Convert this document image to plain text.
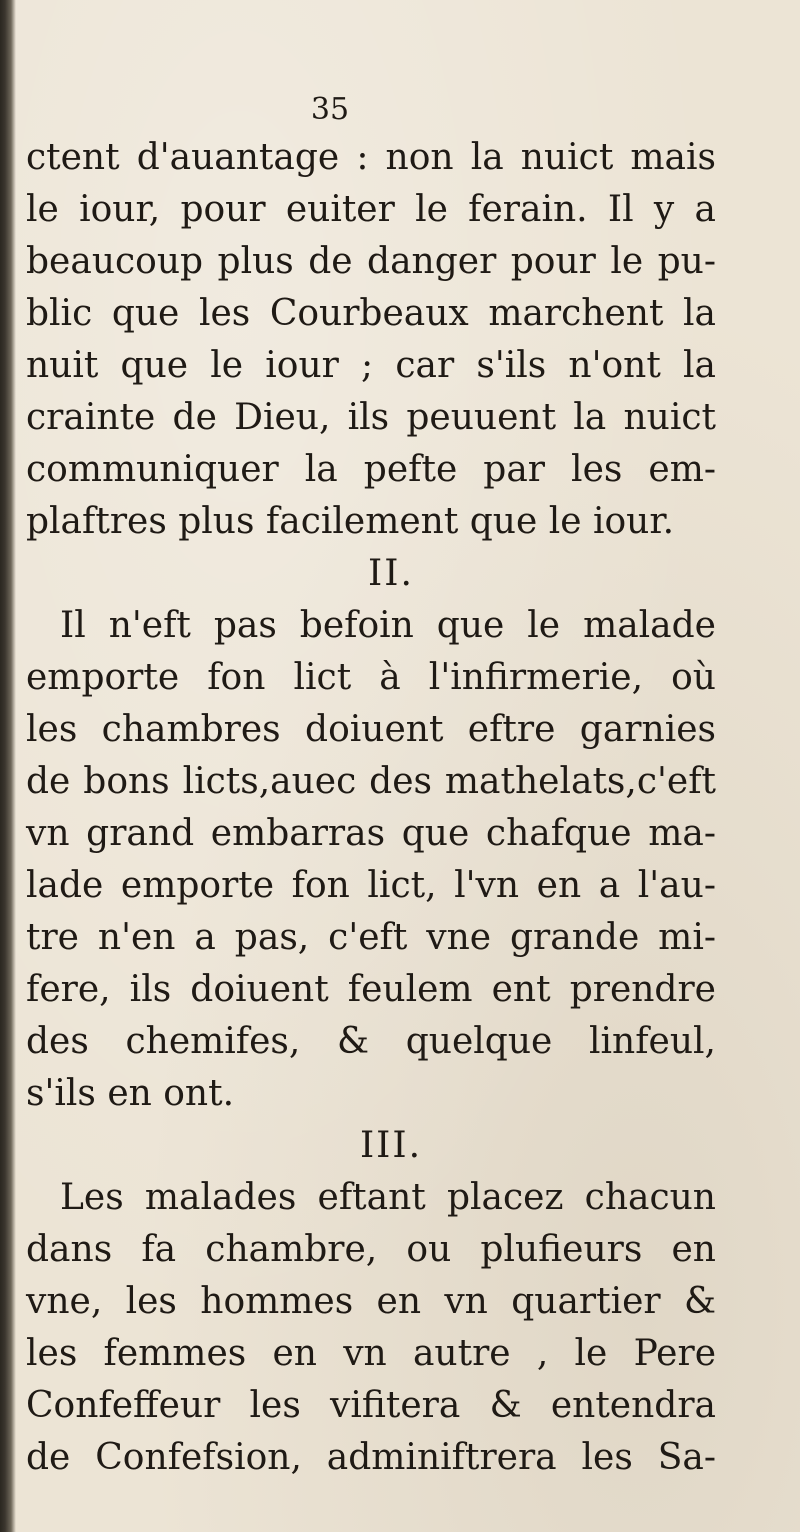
35
ctent d'auantage : non la nuict mais
le iour, pour euiter le ferain. Il y a
beaucoup plus de danger pour le pu-
blic que les Courbeaux marchent la
nuit que le iour ; car s'ils n'ont la
crainte de Dieu, ils peuuent la nuict
communiquer la pefte par les em-
plaftres plus facilement que le iour.
II.
Il n'eft pas befoin que le malade
emporte fon lict à l'infirmerie, où
les chambres doiuent eftre garnies
de bons licts,auec des mathelats,c'eft
vn grand embarras que chafque ma-
lade emporte fon lict, l'vn en a l'au-
tre n'en a pas, c'eft vne grande mi-
fere, ils doiuent feulem ent prendre
des chemifes, & quelque linfeul,
s'ils en ont.
III.
Les malades eftant placez chacun
dans fa chambre, ou plufieurs en
vne, les hommes en vn quartier &
les femmes en vn autre , le Pere
Confeffeur les vifitera & entendra
de Confefsion, adminiftrera les Sa-
